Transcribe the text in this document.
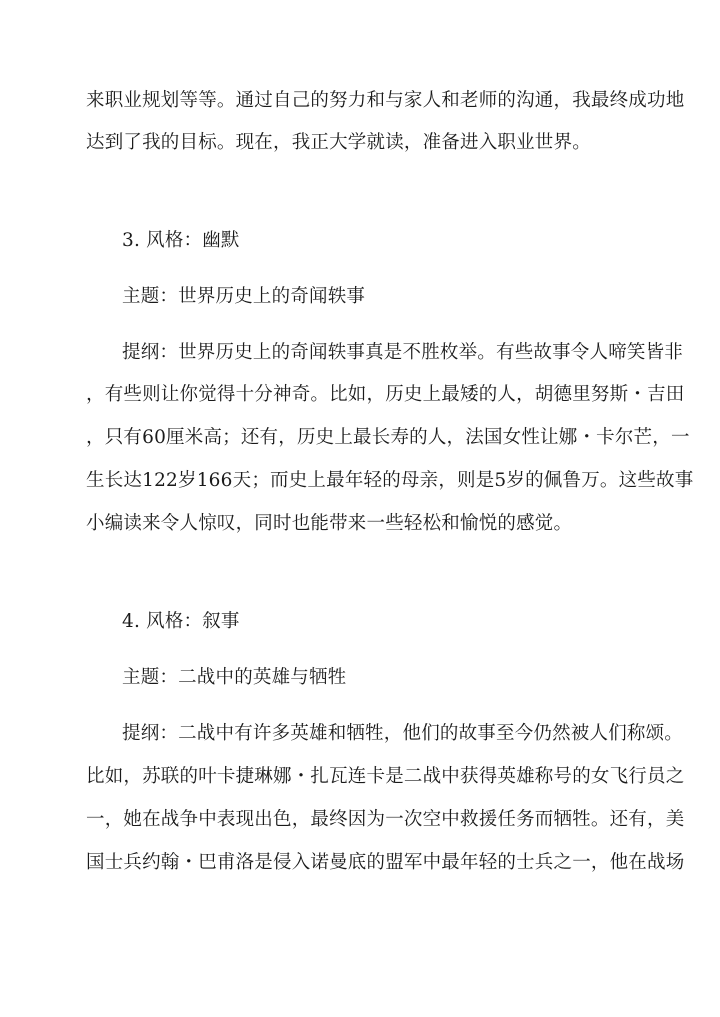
来职业规划等等。通过自己的努力和与家人和老师的沟通，我最终成功地
达到了我的目标。现在，我正大学就读，准备进入职业世界。
3. 风格：幽默
主题：世界历史上的奇闻轶事
提纲：世界历史上的奇闻轶事真是不胜枚举。有些故事令人啼笑皆非
，有些则让你觉得十分神奇。比如，历史上最矮的人，胡德里努斯・吉田
，只有60厘米高；还有，历史上最长寿的人，法国女性让娜・卡尔芒，一
生长达122岁166天；而史上最年轻的母亲，则是5岁的佩鲁万。这些故事
小编读来令人惊叹，同时也能带来一些轻松和愉悦的感觉。
4. 风格：叙事
主题：二战中的英雄与牺牲
提纲：二战中有许多英雄和牺牲，他们的故事至今仍然被人们称颂。
比如，苏联的叶卡捷琳娜・扎瓦连卡是二战中获得英雄称号的女飞行员之
一，她在战争中表现出色，最终因为一次空中救援任务而牺牲。还有，美
国士兵约翰・巴甫洛是侵入诺曼底的盟军中最年轻的士兵之一，他在战场
